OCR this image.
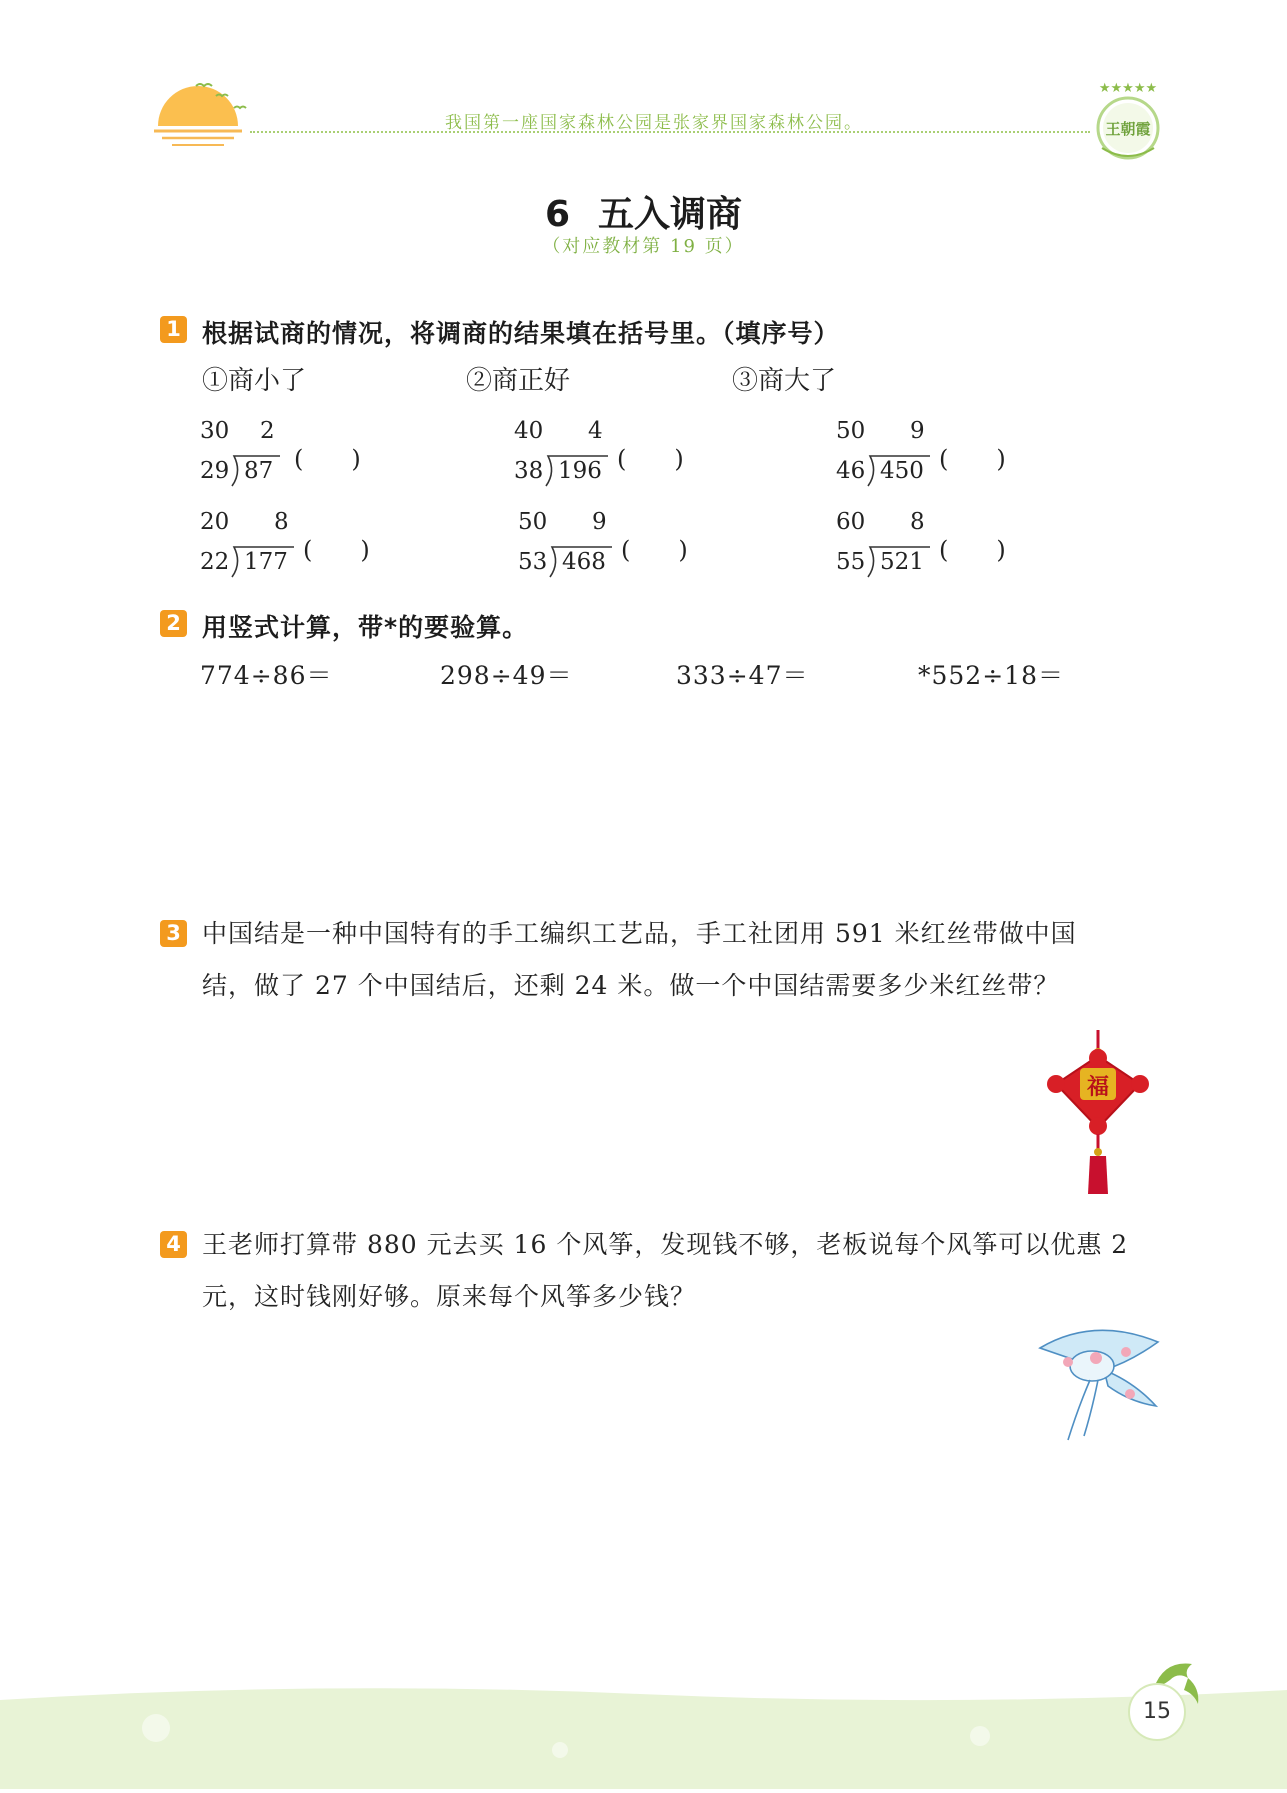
我国第一座国家森林公园是张家界国家森林公园。
★★★★★
王朝霞
6 五入调商
（对应教材第 19 页）
1 根据试商的情况，将调商的结果填在括号里。（填序号）
①商小了	②商正好	③商大了
30 2
29 87 (　　)
40 4
38 196 (　　)
50 9
46 450 (　　)
20 8
22 177 (　　)
50 9
53 468 (　　)
60 8
55 521 (　　)
2 用竖式计算，带*的要验算。
774÷86＝	298÷49＝	333÷47＝	*552÷18＝
3 中国结是一种中国特有的手工编织工艺品，手工社团用 591 米红丝带做中国
结，做了 27 个中国结后，还剩 24 米。做一个中国结需要多少米红丝带？
福
4 王老师打算带 880 元去买 16 个风筝，发现钱不够，老板说每个风筝可以优惠 2
元，这时钱刚好够。原来每个风筝多少钱？
15
